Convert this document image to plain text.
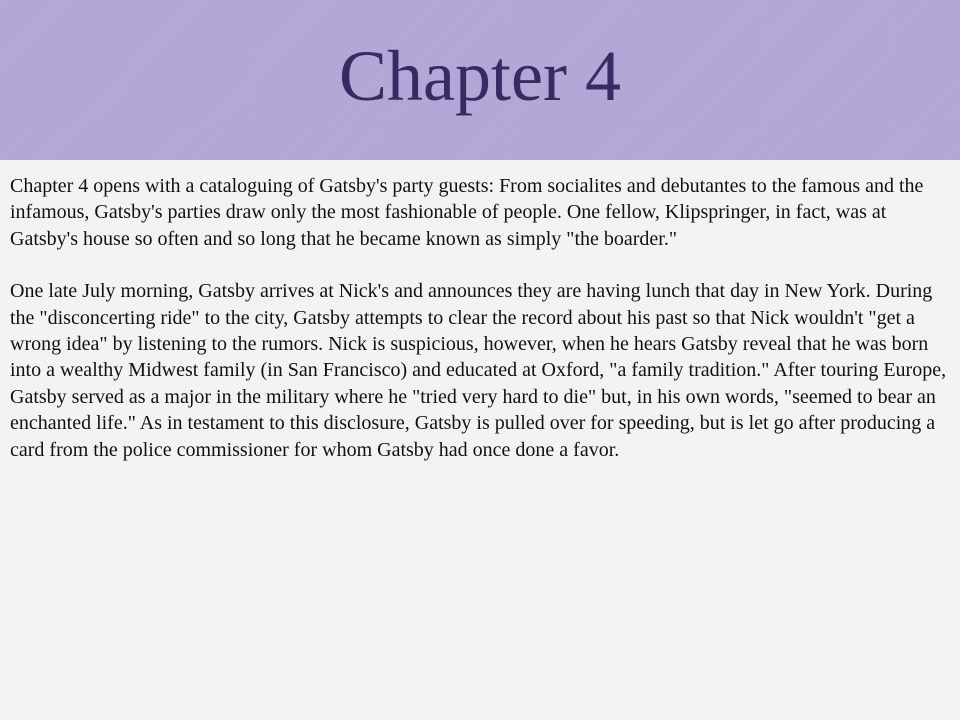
Chapter 4

Chapter 4 opens with a cataloguing of Gatsby's party guests: From socialites and debutantes to the famous and the infamous, Gatsby's parties draw only the most fashionable of people. One fellow, Klipspringer, in fact, was at Gatsby's house so often and so long that he became known as simply "the boarder."

One late July morning, Gatsby arrives at Nick's and announces they are having lunch that day in New York. During the "disconcerting ride" to the city, Gatsby attempts to clear the record about his past so that Nick wouldn't "get a wrong idea" by listening to the rumors. Nick is suspicious, however, when he hears Gatsby reveal that he was born into a wealthy Midwest family (in San Francisco) and educated at Oxford, "a family tradition." After touring Europe, Gatsby served as a major in the military where he "tried very hard to die" but, in his own words, "seemed to bear an enchanted life." As in testament to this disclosure, Gatsby is pulled over for speeding, but is let go after producing a card from the police commissioner for whom Gatsby had once done a favor.
